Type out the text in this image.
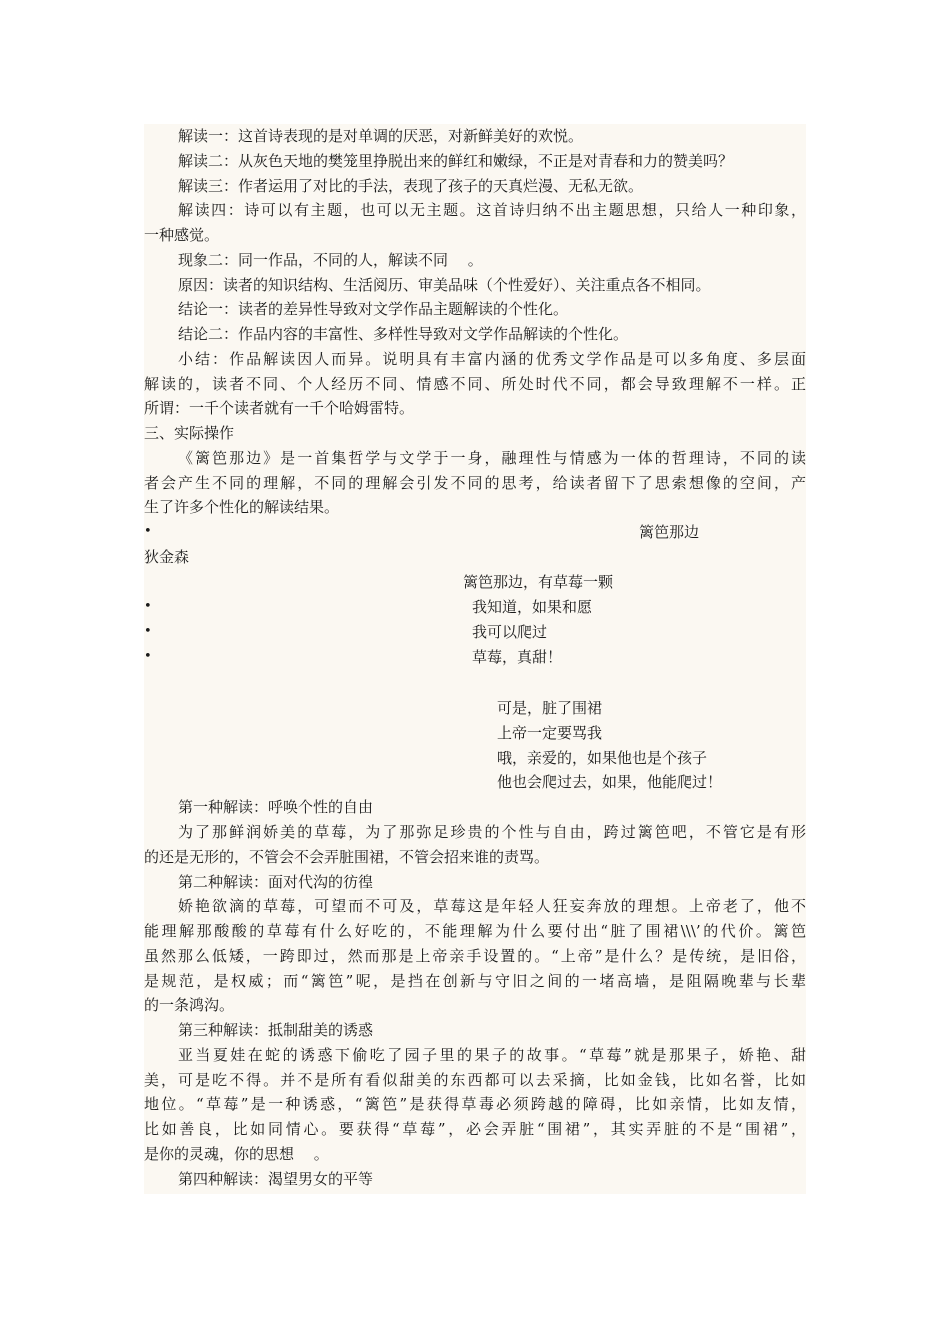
解读一：这首诗表现的是对单调的厌恶，对新鲜美好的欢悦。
解读二：从灰色天地的樊笼里挣脱出来的鲜红和嫩绿，不正是对青春和力的赞美吗？
解读三：作者运用了对比的手法，表现了孩子的天真烂漫、无私无欲。
解读四：诗可以有主题，也可以无主题。这首诗归纳不出主题思想，只给人一种印象，
一种感觉。
现象二：同一作品，不同的人，解读不同 　。
原因：读者的知识结构、生活阅历、审美品味（个性爱好）、关注重点各不相同。
结论一：读者的差异性导致对文学作品主题解读的个性化。
结论二：作品内容的丰富性、多样性导致对文学作品解读的个性化。
小结：作品解读因人而异。说明具有丰富内涵的优秀文学作品是可以多角度、多层面
解读的，读者不同、个人经历不同、情感不同、所处时代不同，都会导致理解不一样。正
所谓：一千个读者就有一千个哈姆雷特。
三、实际操作
《篱笆那边》是一首集哲学与文学于一身，融理性与情感为一体的哲理诗，不同的读
者会产生不同的理解，不同的理解会引发不同的思考，给读者留下了思索想像的空间，产
生了许多个性化的解读结果。
•	篱笆那边
狄金森
篱笆那边，有草莓一颗
•	我知道，如果和愿
•	我可以爬过
•	草莓，真甜！
可是，脏了围裙
上帝一定要骂我
哦，亲爱的，如果他也是个孩子
他也会爬过去，如果，他能爬过！
第一种解读：呼唤个性的自由
为了那鲜润娇美的草莓，为了那弥足珍贵的个性与自由，跨过篱笆吧，不管它是有形
的还是无形的，不管会不会弄脏围裙，不管会招来谁的责骂。
第二种解读：面对代沟的彷徨
娇艳欲滴的草莓，可望而不可及，草莓这是年轻人狂妄奔放的理想。上帝老了，他不
能理解那酸酸的草莓有什么好吃的，不能理解为什么要付出“脏了围裙\\\’的代价。篱笆
虽然那么低矮，一跨即过，然而那是上帝亲手设置的。“上帝”是什么？是传统，是旧俗，
是规范，是权威；而“篱笆”呢，是挡在创新与守旧之间的一堵高墙，是阻隔晚辈与长辈
的一条鸿沟。
第三种解读：抵制甜美的诱惑
亚当夏娃在蛇的诱惑下偷吃了园子里的果子的故事。“草莓”就是那果子，娇艳、甜
美，可是吃不得。并不是所有看似甜美的东西都可以去采摘，比如金钱，比如名誉，比如
地位。“草莓”是一种诱惑，“篱笆”是获得草毒必须跨越的障碍，比如亲情，比如友情，
比如善良，比如同情心。要获得“草莓”，必会弄脏“围裙”，其实弄脏的不是“围裙”，
是你的灵魂，你的思想 　。
第四种解读：渴望男女的平等
